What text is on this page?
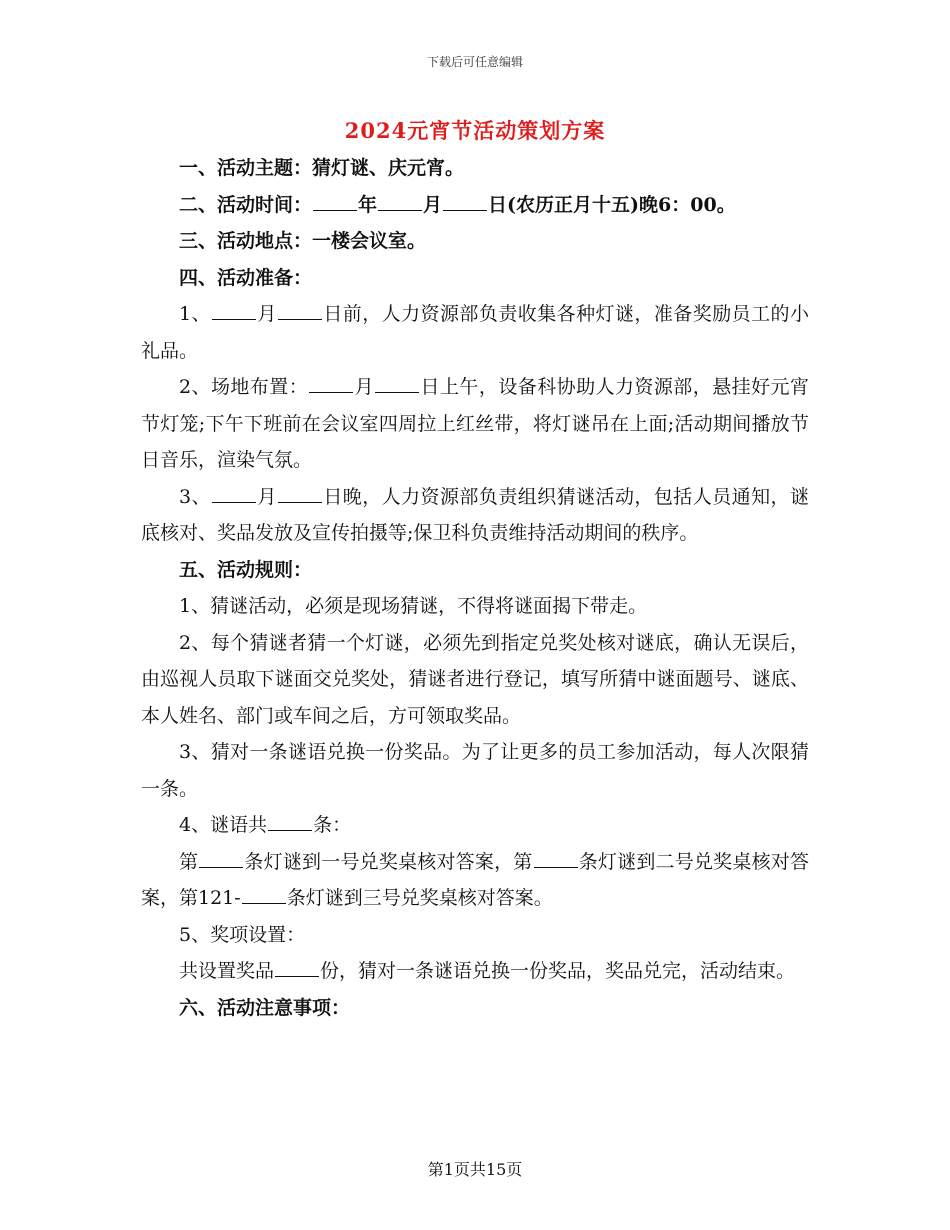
下载后可任意编辑
2024元宵节活动策划方案

一、活动主题：猜灯谜、庆元宵。

二、活动时间： 年 月 日(农历正月十五)晚6：00。

三、活动地点：一楼会议室。

四、活动准备：

1、 月 日前，人力资源部负责收集各种灯谜，准备奖励员工的小礼品。

2、场地布置： 月 日上午，设备科协助人力资源部，悬挂好元宵节灯笼;下午下班前在会议室四周拉上红丝带，将灯谜吊在上面;活动期间播放节日音乐，渲染气氛。

3、 月 日晚，人力资源部负责组织猜谜活动，包括人员通知，谜底核对、奖品发放及宣传拍摄等;保卫科负责维持活动期间的秩序。

五、活动规则：

1、猜谜活动，必须是现场猜谜，不得将谜面揭下带走。

2、每个猜谜者猜一个灯谜，必须先到指定兑奖处核对谜底，确认无误后，由巡视人员取下谜面交兑奖处，猜谜者进行登记，填写所猜中谜面题号、谜底、本人姓名、部门或车间之后，方可领取奖品。

3、猜对一条谜语兑换一份奖品。为了让更多的员工参加活动，每人次限猜一条。

4、谜语共 条：

第 条灯谜到一号兑奖桌核对答案，第 条灯谜到二号兑奖桌核对答案，第121- 条灯谜到三号兑奖桌核对答案。

5、奖项设置：

共设置奖品 份，猜对一条谜语兑换一份奖品，奖品兑完，活动结束。

六、活动注意事项：

第1页共15页
